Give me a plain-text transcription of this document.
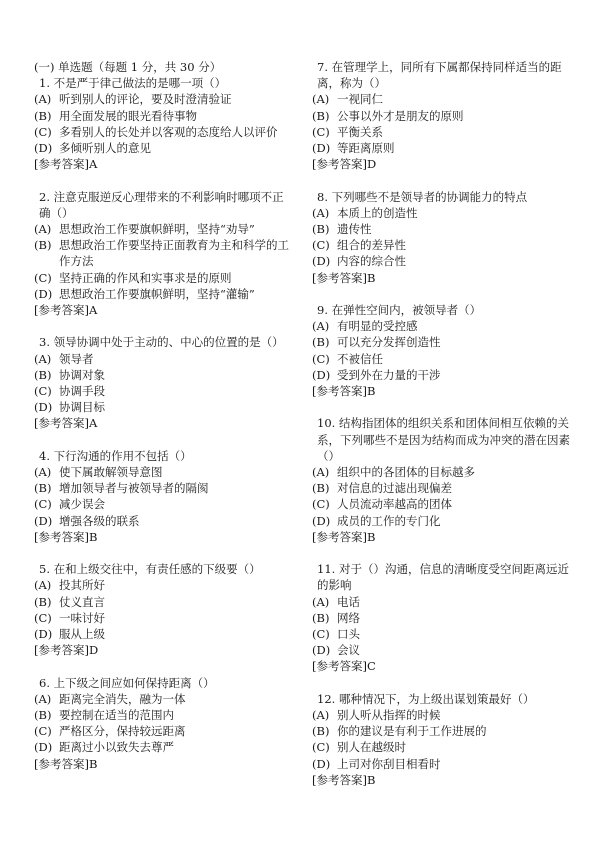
(一) 单选题（每题 1 分，共 30 分）
1. 不是严于律己做法的是哪一项（）
(A) 听到别人的评论，要及时澄清验证
(B) 用全面发展的眼光看待事物
(C) 多看别人的长处并以客观的态度给人以评价
(D) 多倾听别人的意见
[参考答案]A
2. 注意克服逆反心理带来的不利影响时哪项不正确（）
(A) 思想政治工作要旗帜鲜明，坚持“劝导”
(B) 思想政治工作要坚持正面教育为主和科学的工作方法
(C) 坚持正确的作风和实事求是的原则
(D) 思想政治工作要旗帜鲜明，坚持“灌输”
[参考答案]A
3. 领导协调中处于主动的、中心的位置的是（）
(A) 领导者
(B) 协调对象
(C) 协调手段
(D) 协调目标
[参考答案]A
4. 下行沟通的作用不包括（）
(A) 使下属敢解领导意图
(B) 增加领导者与被领导者的隔阂
(C) 减少误会
(D) 增强各级的联系
[参考答案]B
5. 在和上级交往中，有责任感的下级要（）
(A) 投其所好
(B) 仗义直言
(C) 一味讨好
(D) 服从上级
[参考答案]D
6. 上下级之间应如何保持距离（）
(A) 距离完全消失，融为一体
(B) 要控制在适当的范围内
(C) 严格区分，保持较远距离
(D) 距离过小以致失去尊严
[参考答案]B
7. 在管理学上，同所有下属都保持同样适当的距离，称为（）
(A) 一视同仁
(B) 公事以外才是朋友的原则
(C) 平衡关系
(D) 等距离原则
[参考答案]D
8. 下列哪些不是领导者的协调能力的特点
(A) 本质上的创造性
(B) 遗传性
(C) 组合的差异性
(D) 内容的综合性
[参考答案]B
9. 在弹性空间内，被领导者（）
(A) 有明显的受控感
(B) 可以充分发挥创造性
(C) 不被信任
(D) 受到外在力量的干涉
[参考答案]B
10. 结构指团体的组织关系和团体间相互依赖的关系，下列哪些不是因为结构而成为冲突的潜在因素（）
(A) 组织中的各团体的目标越多
(B) 对信息的过滤出现偏差
(C) 人员流动率越高的团体
(D) 成员的工作的专门化
[参考答案]B
11. 对于（）沟通，信息的清晰度受空间距离远近的影响
(A) 电话
(B) 网络
(C) 口头
(D) 会议
[参考答案]C
12. 哪种情况下，为上级出谋划策最好（）
(A) 别人听从指挥的时候
(B) 你的建议是有利于工作进展的
(C) 别人在越级时
(D) 上司对你刮目相看时
[参考答案]B
